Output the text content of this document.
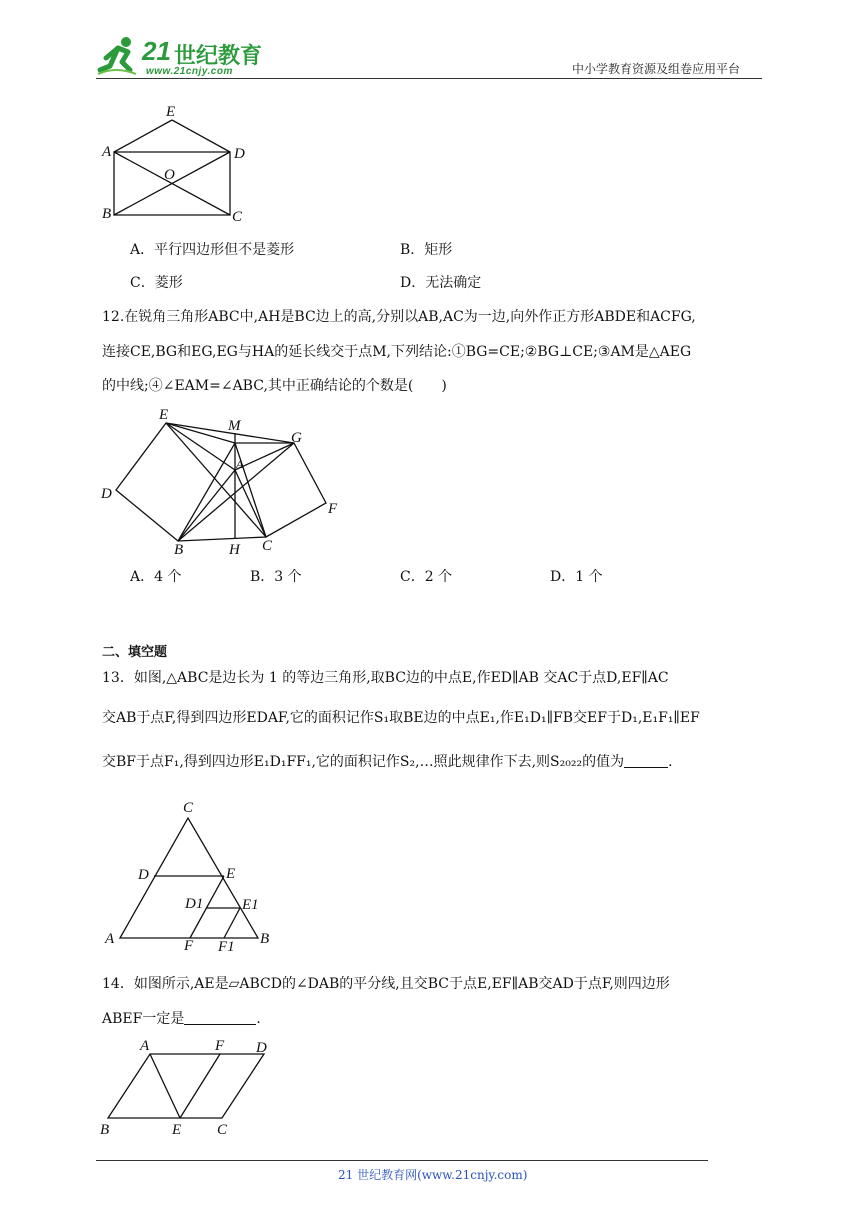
21 世纪教育
www.21cnjy.com	中小学教育资源及组卷应用平台
E
A	D
O
B	C
A．平行四边形但不是菱形	B．矩形
C．菱形	D．无法确定
12.在锐角三角形ABC中,AH是BC边上的高,分别以AB,AC为一边,向外作正方形ABDE和ACFG,
连接CE,BG和EG,EG与HA的延长线交于点M,下列结论:①BG=CE;②BG⊥CE;③AM是△AEG
的中线;④∠EAM=∠ABC,其中正确结论的个数是(　　)
E
M
G
A
D
F
B	H C
A．4 个	B．3 个	C．2 个	D．1 个
二、填空题
13．如图,△ABC是边长为 1 的等边三角形,取BC边的中点E,作ED∥AB 交AC于点D,EF∥AC
交AB于点F,得到四边形EDAF,它的面积记作S₁取BE边的中点E₁,作E₁D₁∥FB交EF于D₁,E₁F₁∥EF
交BF于点F₁,得到四边形E₁D₁FF₁,它的面积记作S₂,…照此规律作下去,则S₂₀₂₂的值为	.
C
D	E
D1	E1
A	F F1 B
14．如图所示,AE是▱ABCD的∠DAB的平分线,且交BC于点E,EF∥AB交AD于点F,则四边形
ABEF一定是	.
A	F D
B	E C
21 世纪教育网(www.21cnjy.com)
